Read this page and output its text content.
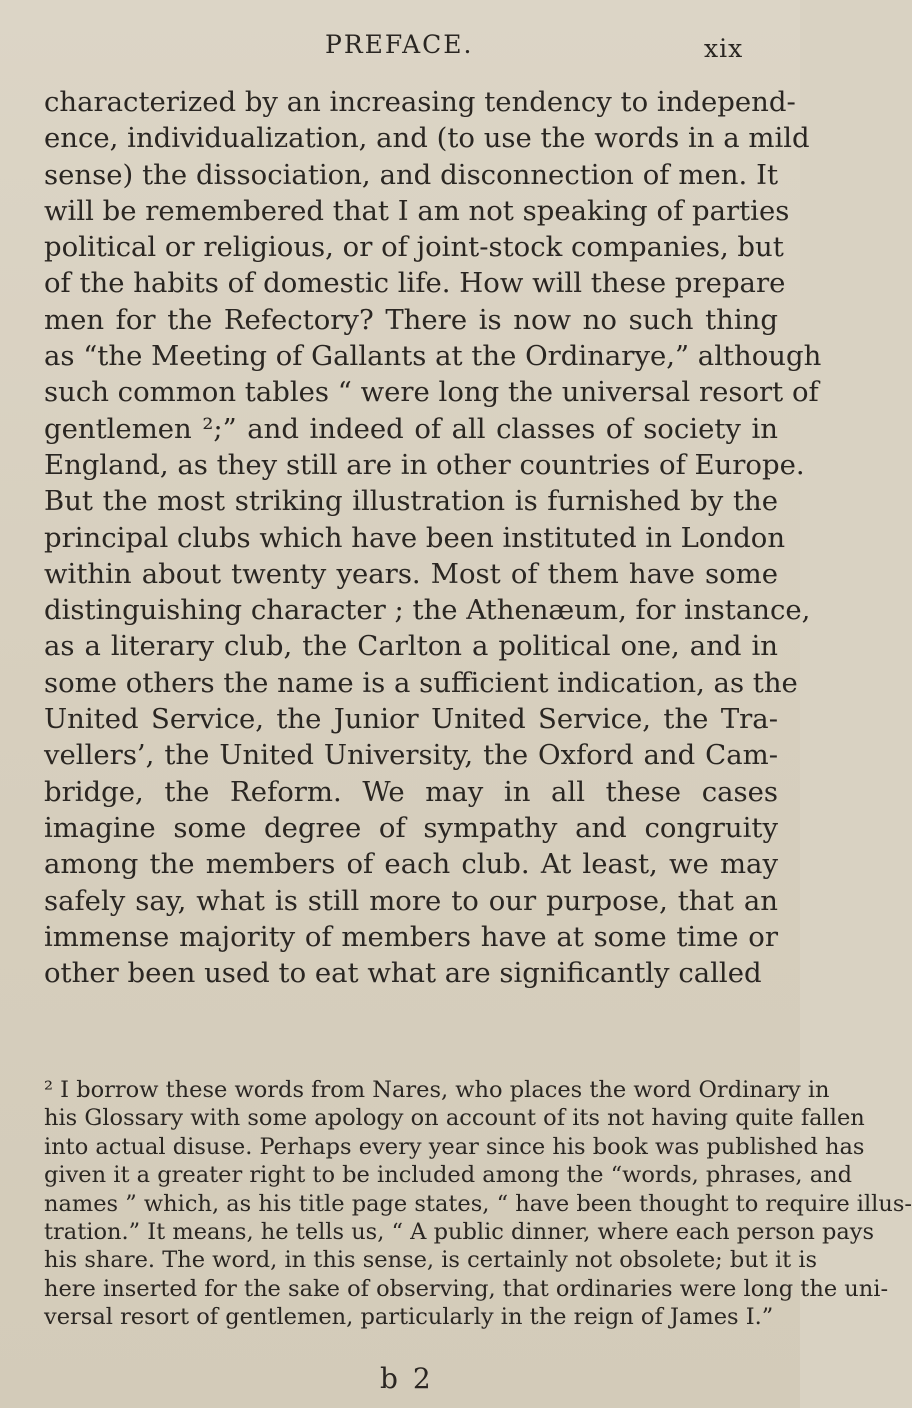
PREFACE.	xix
characterized by an increasing tendency to independ-
ence, individualization, and (to use the words in a mild
sense) the dissociation, and disconnection of men. It
will be remembered that I am not speaking of parties
political or religious, or of joint-stock companies, but
of the habits of domestic life. How will these prepare
men for the Refectory? There is now no such thing
as “the Meeting of Gallants at the Ordinarye,” although
such common tables “ were long the universal resort of
gentlemen ²;” and indeed of all classes of society in
England, as they still are in other countries of Europe.
But the most striking illustration is furnished by the
principal clubs which have been instituted in London
within about twenty years. Most of them have some
distinguishing character ; the Athenæum, for instance,
as a literary club, the Carlton a political one, and in
some others the name is a sufficient indication, as the
United Service, the Junior United Service, the Tra-
vellers’, the United University, the Oxford and Cam-
bridge, the Reform. We may in all these cases
imagine some degree of sympathy and congruity
among the members of each club. At least, we may
safely say, what is still more to our purpose, that an
immense majority of members have at some time or
other been used to eat what are significantly called
² I borrow these words from Nares, who places the word Ordinary in
his Glossary with some apology on account of its not having quite fallen
into actual disuse. Perhaps every year since his book was published has
given it a greater right to be included among the “words, phrases, and
names ” which, as his title page states, “ have been thought to require illus-
tration.” It means, he tells us, “ A public dinner, where each person pays
his share. The word, in this sense, is certainly not obsolete; but it is
here inserted for the sake of observing, that ordinaries were long the uni-
versal resort of gentlemen, particularly in the reign of James I.”
b 2
